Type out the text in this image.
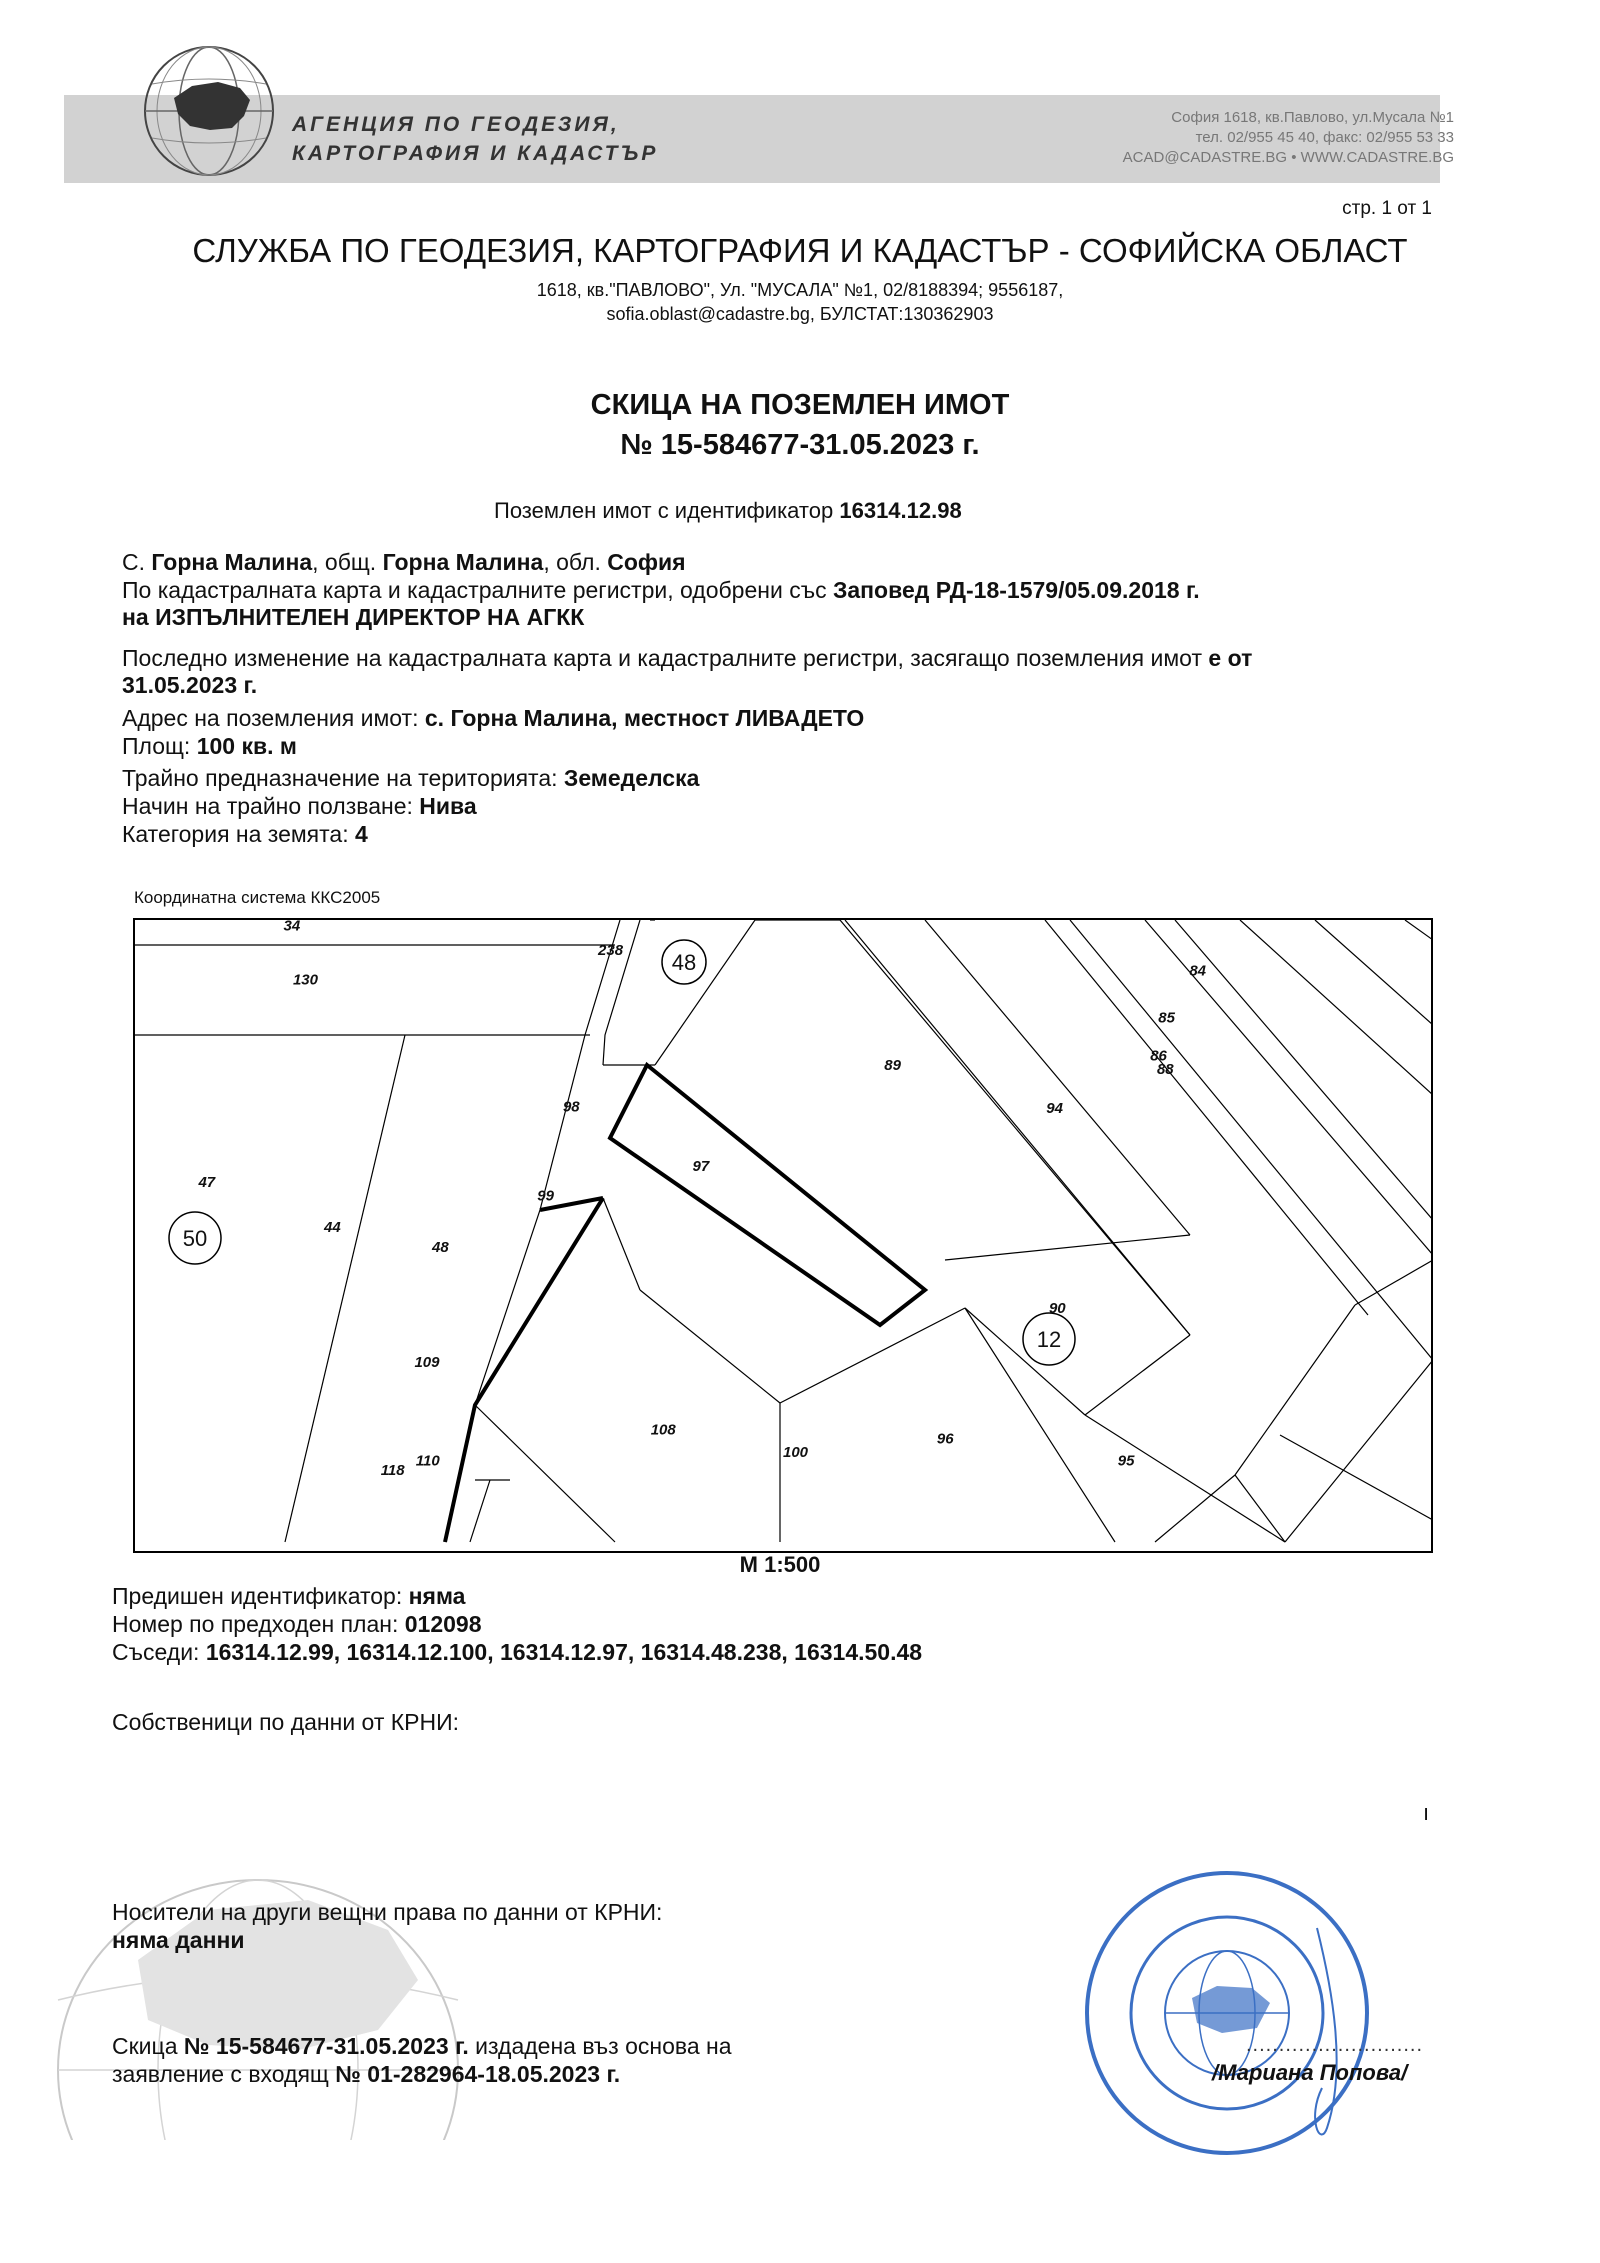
АГЕНЦИЯ ПО ГЕОДЕЗИЯ,
КАРТОГРАФИЯ И КАДАСТЪР
София 1618, кв.Павлово, ул.Мусала №1
тел. 02/955 45 40, факс: 02/955 53 33
ACAD@CADASTRE.BG • WWW.CADASTRE.BG
стр. 1 от 1
СЛУЖБА ПО ГЕОДЕЗИЯ, КАРТОГРАФИЯ И КАДАСТЪР - СОФИЙСКА ОБЛАСТ
1618, кв."ПАВЛОВО", Ул. "МУСАЛА" №1, 02/8188394; 9556187,
sofia.oblast@cadastre.bg, БУЛСТАТ:130362903
СКИЦА НА ПОЗЕМЛЕН ИМОТ
№ 15-584677-31.05.2023 г.
Поземлен имот с идентификатор 16314.12.98
С. Горна Малина, общ. Горна Малина, обл. София
По кадастралната карта и кадастралните регистри, одобрени със Заповед РД-18-1579/05.09.2018 г.
на ИЗПЪЛНИТЕЛЕН ДИРЕКТОР НА АГКК
Последно изменение на кадастралната карта и кадастралните регистри, засягащо поземления имот е от
31.05.2023 г.
Адрес на поземления имот: с. Горна Малина, местност ЛИВАДЕТО
Площ: 100 кв. м
Трайно предназначение на територията: Земеделска
Начин на трайно ползване: Нива
Категория на земята: 4
Координатна система ККС2005
48
50
12
34
130
238
47
44
48
109
110
118
98
99
97
108
100
89
94
88
86
85
84
90
96
95
М 1:500
Предишен идентификатор: няма
Номер по предходен план: 012098
Съседи: 16314.12.99, 16314.12.100, 16314.12.97, 16314.48.238, 16314.50.48
Собственици по данни от КРНИ:
ı
Носители на други вещни права по данни от КРНИ:
няма данни
Скица № 15-584677-31.05.2023 г. издадена въз основа на
заявление с входящ № 01-282964-18.05.2023 г.
...........................
/Мариана Попова/
